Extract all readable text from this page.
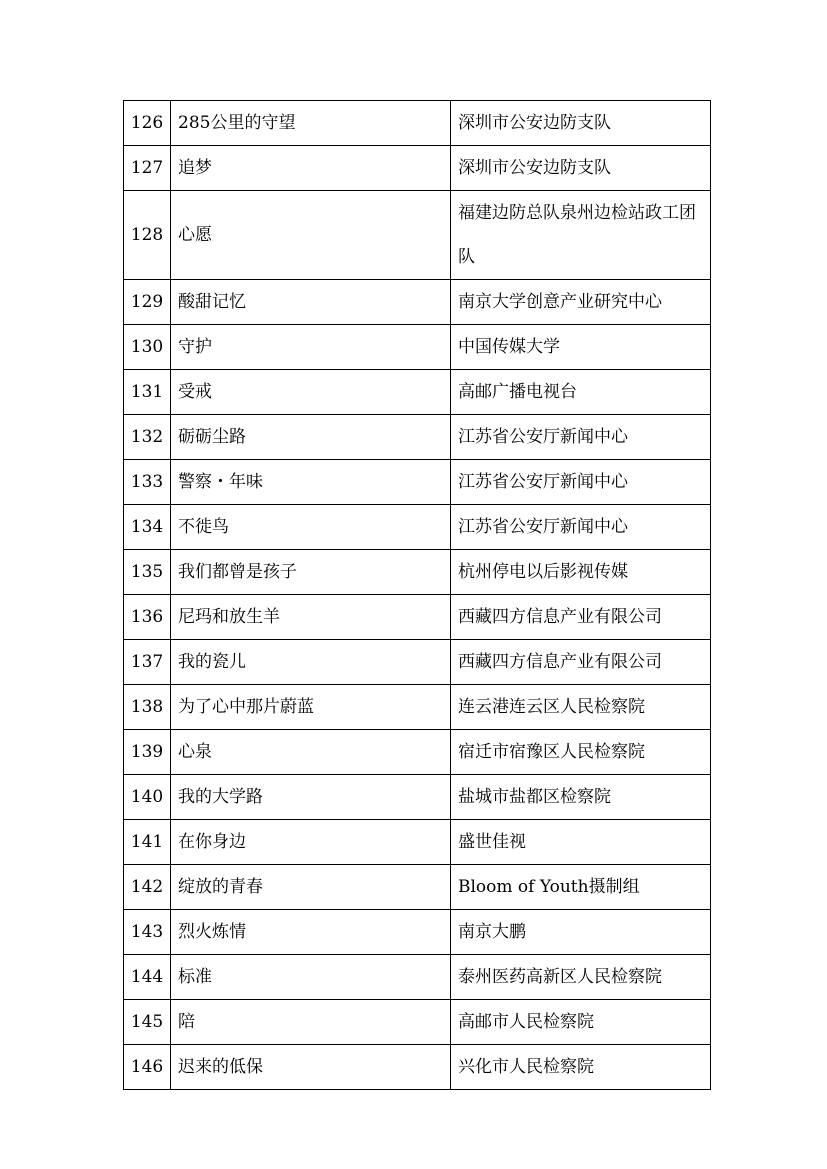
126	285公里的守望	深圳市公安边防支队
127	追梦	深圳市公安边防支队
128	心愿	福建边防总队泉州边检站政工团队
129	酸甜记忆	南京大学创意产业研究中心
130	守护	中国传媒大学
131	受戒	高邮广播电视台
132	砺砺尘路	江苏省公安厅新闻中心
133	警察・年味	江苏省公安厅新闻中心
134	不徙鸟	江苏省公安厅新闻中心
135	我们都曾是孩子	杭州停电以后影视传媒
136	尼玛和放生羊	西藏四方信息产业有限公司
137	我的瓷儿	西藏四方信息产业有限公司
138	为了心中那片蔚蓝	连云港连云区人民检察院
139	心泉	宿迁市宿豫区人民检察院
140	我的大学路	盐城市盐都区检察院
141	在你身边	盛世佳视
142	绽放的青春	Bloom of Youth摄制组
143	烈火炼情	南京大鹏
144	标准	泰州医药高新区人民检察院
145	陪	高邮市人民检察院
146	迟来的低保	兴化市人民检察院
